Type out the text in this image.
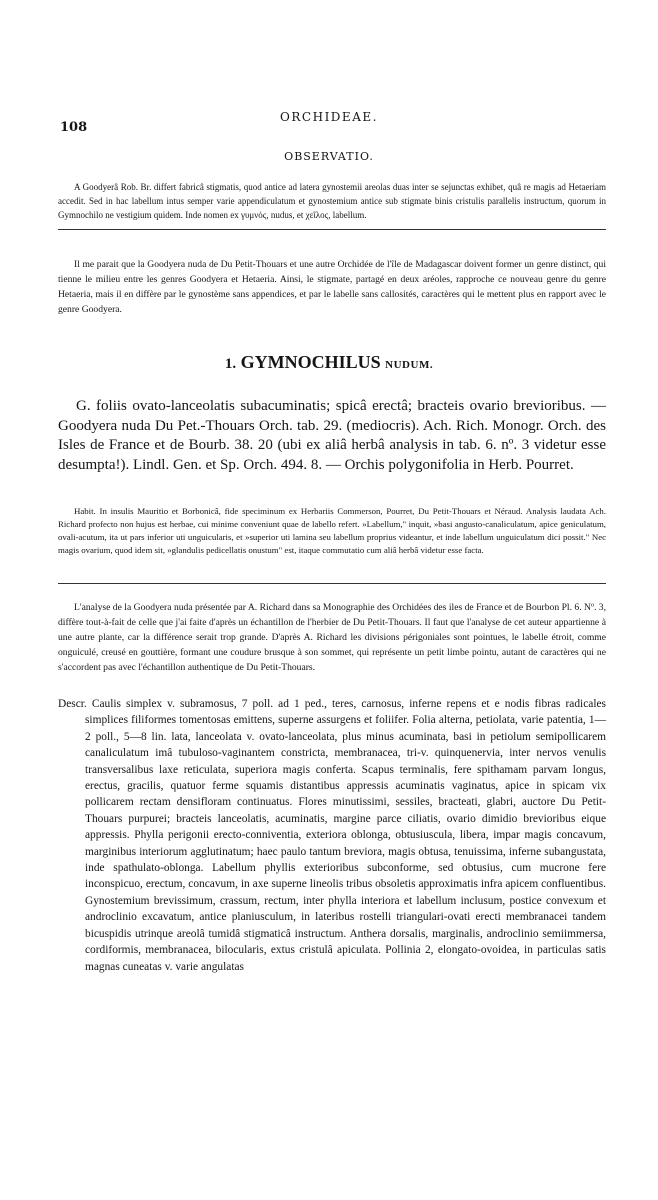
108
ORCHIDEAE.
OBSERVATIO.
A Goodyerâ Rob. Br. differt fabricâ stigmatis, quod antice ad latera gynostemii areolas duas inter se sejunctas exhibet, quâ re magis ad Hetaeriam accedit. Sed in hac labellum intus semper varie appendiculatum et gynostemium antice sub stigmate binis cristulis parallelis instructum, quorum in Gymnochilo ne vestigium quidem. Inde nomen ex γυμνός, nudus, et χεῖλος, labellum.
Il me parait que la Goodyera nuda de Du Petit-Thouars et une autre Orchidée de l'île de Madagascar doivent former un genre distinct, qui tienne le milieu entre les genres Goodyera et Hetaeria. Ainsi, le stigmate, partagé en deux aréoles, rapproche ce nouveau genre du genre Hetaeria, mais il en diffère par le gynostème sans appendices, et par le labelle sans callosités, caractères qui le mettent plus en rapport avec le genre Goodyera.
1. GYMNOCHILUS NUDUM.
G. foliis ovato-lanceolatis subacuminatis; spicâ erectâ; bracteis ovario brevioribus. — Goodyera nuda Du Pet.-Thouars Orch. tab. 29. (mediocris). Ach. Rich. Monogr. Orch. des Isles de France et de Bourb. 38. 20 (ubi ex aliâ herbâ analysis in tab. 6. nº. 3 videtur esse desumpta!). Lindl. Gen. et Sp. Orch. 494. 8. — Orchis polygonifolia in Herb. Pourret.
Habit. In insulis Mauritio et Borbonicâ, fide speciminum ex Herbariis Commerson, Pourret, Du Petit-Thouars et Néraud. Analysis laudata Ach. Richard profecto non hujus est herbae, cui minime conveniunt quae de labello refert. »Labellum," inquit, »basi angusto-canaliculatum, apice geniculatum, ovali-acutum, ita ut pars inferior uti unguicularis, et »superior uti lamina seu labellum proprius videantur, et inde labellum unguiculatum dici possit." Nec magis ovarium, quod idem sit, »glandulis pedicellatis onustum" est, itaque commutatio cum aliâ herbâ videtur esse facta.
L'analyse de la Goodyera nuda présentée par A. Richard dans sa Monographie des Orchidées des iles de France et de Bourbon Pl. 6. Nº. 3, diffère tout-à-fait de celle que j'ai faite d'après un échantillon de l'herbier de Du Petit-Thouars. Il faut que l'analyse de cet auteur appartienne à une autre plante, car la différence serait trop grande. D'après A. Richard les divisions périgoniales sont pointues, le labelle étroit, comme onguiculé, creusé en gouttière, formant une coudure brusque à son sommet, qui représente un petit limbe pointu, autant de caractères qui ne s'accordent pas avec l'échantillon authentique de Du Petit-Thouars.
Descr. Caulis simplex v. subramosus, 7 poll. ad 1 ped., teres, carnosus, inferne repens et e nodis fibras radicales simplices filiformes tomentosas emittens, superne assurgens et foliifer. Folia alterna, petiolata, varie patentia, 1—2 poll., 5—8 lin. lata, lanceolata v. ovato-lanceolata, plus minus acuminata, basi in petiolum semipollicarem canaliculatum imâ tubuloso-vaginantem constricta, membranacea, tri-v. quinquenervia, inter nervos venulis transversalibus laxe reticulata, superiora magis conferta. Scapus terminalis, fere spithamam parvam longus, erectus, gracilis, quatuor ferme squamis distantibus appressis acuminatis vaginatus, apice in spicam vix pollicarem rectam densifloram continuatus. Flores minutissimi, sessiles, bracteati, glabri, auctore Du Petit-Thouars purpurei; bracteis lanceolatis, acuminatis, margine parce ciliatis, ovario dimidio brevioribus eique appressis. Phylla perigonii erecto-conniventia, exteriora oblonga, obtusiuscula, libera, impar magis concavum, marginibus interiorum agglutinatum; haec paulo tantum breviora, magis obtusa, tenuissima, inferne subangustata, inde spathulato-oblonga. Labellum phyllis exterioribus subconforme, sed obtusius, cum mucrone fere inconspicuo, erectum, concavum, in axe superne lineolis tribus obsoletis approximatis infra apicem confluentibus. Gynostemium brevissimum, crassum, rectum, inter phylla interiora et labellum inclusum, postice convexum et androclinio excavatum, antice planiusculum, in lateribus rostelli triangulari-ovati erecti membranacei tandem bicuspidis utrinque areolâ tumidâ stigmaticâ instructum. Anthera dorsalis, marginalis, androclinio semiimmersa, cordiformis, membranacea, bilocularis, extus cristulâ apiculata. Pollinia 2, elongato-ovoidea, in particulas satis magnas cuneatas v. varie angulatas
